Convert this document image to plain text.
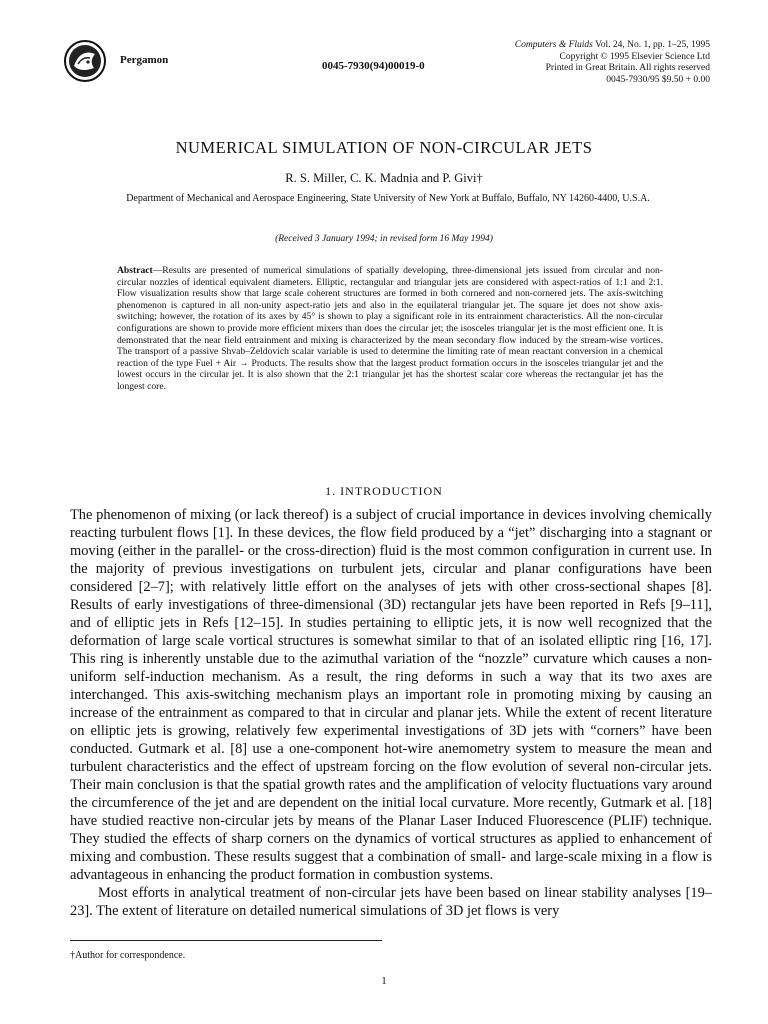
Pergamon	0045-7930(94)00019-0
Computers & Fluids Vol. 24, No. 1, pp. 1–25, 1995
Copyright © 1995 Elsevier Science Ltd
Printed in Great Britain. All rights reserved
0045-7930/95 $9.50 + 0.00
NUMERICAL SIMULATION OF NON-CIRCULAR JETS
R. S. Miller, C. K. Madnia and P. Givi†
Department of Mechanical and Aerospace Engineering, State University of New York at Buffalo, Buffalo, NY 14260-4400, U.S.A.
(Received 3 January 1994; in revised form 16 May 1994)
Abstract—Results are presented of numerical simulations of spatially developing, three-dimensional jets issued from circular and non-circular nozzles of identical equivalent diameters. Elliptic, rectangular and triangular jets are considered with aspect-ratios of 1:1 and 2:1. Flow visualization results show that large scale coherent structures are formed in both cornered and non-cornered jets. The axis-switching phenomenon is captured in all non-unity aspect-ratio jets and also in the equilateral triangular jet. The square jet does not show axis-switching; however, the rotation of its axes by 45° is shown to play a significant role in its entrainment characteristics. All the non-circular configurations are shown to provide more efficient mixers than does the circular jet; the isosceles triangular jet is the most efficient one. It is demonstrated that the near field entrainment and mixing is characterized by the mean secondary flow induced by the stream-wise vortices. The transport of a passive Shvab–Zeldovich scalar variable is used to determine the limiting rate of mean reactant conversion in a chemical reaction of the type Fuel + Air → Products. The results show that the largest product formation occurs in the isosceles triangular jet and the lowest occurs in the circular jet. It is also shown that the 2:1 triangular jet has the shortest scalar core whereas the rectangular jet has the longest core.
1. INTRODUCTION

The phenomenon of mixing (or lack thereof) is a subject of crucial importance in devices involving chemically reacting turbulent flows [1]. In these devices, the flow field produced by a “jet” discharging into a stagnant or moving (either in the parallel- or the cross-direction) fluid is the most common configuration in current use. In the majority of previous investigations on turbulent jets, circular and planar configurations have been considered [2–7]; with relatively little effort on the analyses of jets with other cross-sectional shapes [8]. Results of early investigations of three-dimensional (3D) rectangular jets have been reported in Refs [9–11], and of elliptic jets in Refs [12–15]. In studies pertaining to elliptic jets, it is now well recognized that the deformation of large scale vortical structures is somewhat similar to that of an isolated elliptic ring [16, 17]. This ring is inherently unstable due to the azimuthal variation of the “nozzle” curvature which causes a non-uniform self-induction mechanism. As a result, the ring deforms in such a way that its two axes are interchanged. This axis-switching mechanism plays an important role in promoting mixing by causing an increase of the entrainment as compared to that in circular and planar jets. While the extent of recent literature on elliptic jets is growing, relatively few experimental investigations of 3D jets with “corners” have been conducted. Gutmark et al. [8] use a one-component hot-wire anemometry system to measure the mean and turbulent characteristics and the effect of upstream forcing on the flow evolution of several non-circular jets. Their main conclusion is that the spatial growth rates and the amplification of velocity fluctuations vary around the circumference of the jet and are dependent on the initial local curvature. More recently, Gutmark et al. [18] have studied reactive non-circular jets by means of the Planar Laser Induced Fluorescence (PLIF) technique. They studied the effects of sharp corners on the dynamics of vortical structures as applied to enhancement of mixing and combustion. These results suggest that a combination of small- and large-scale mixing in a flow is advantageous in enhancing the product formation in combustion systems.

Most efforts in analytical treatment of non-circular jets have been based on linear stability analyses [19–23]. The extent of literature on detailed numerical simulations of 3D jet flows is very

†Author for correspondence.
1
